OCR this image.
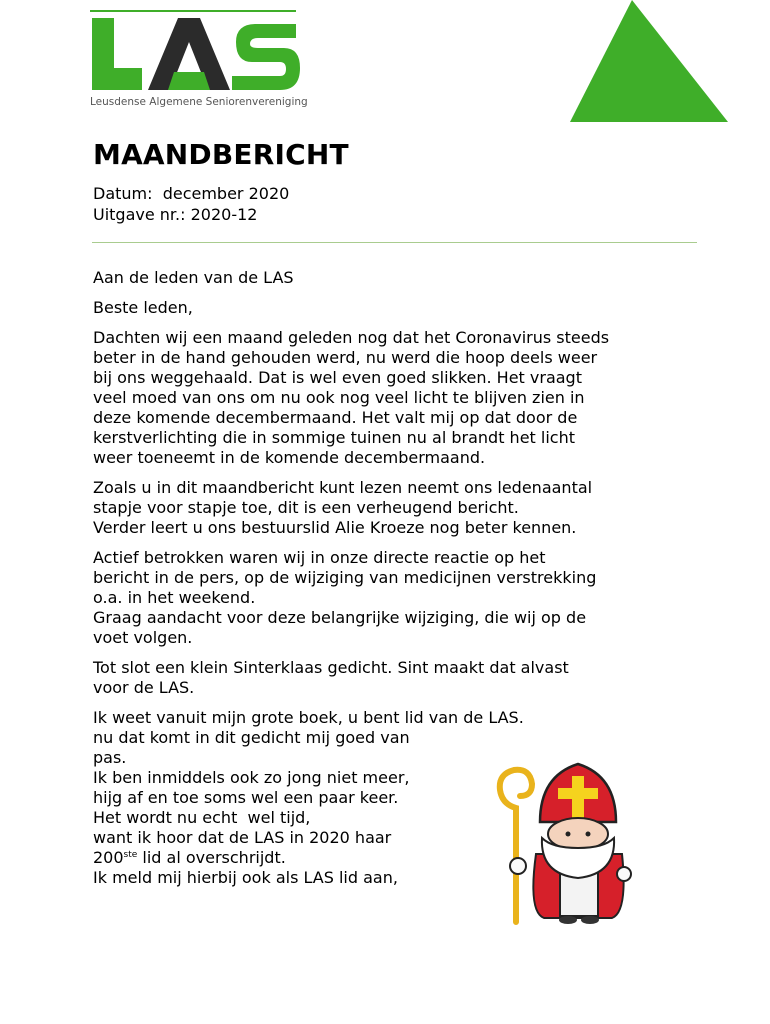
Leusdense Algemene Seniorenvereniging
MAANDBERICHT
Datum:  december 2020
Uitgave nr.: 2020-12

Aan de leden van de LAS

Beste leden,

Dachten wij een maand geleden nog dat het Coronavirus steeds
beter in de hand gehouden werd, nu werd die hoop deels weer
bij ons weggehaald. Dat is wel even goed slikken. Het vraagt
veel moed van ons om nu ook nog veel licht te blijven zien in
deze komende decembermaand. Het valt mij op dat door de
kerstverlichting die in sommige tuinen nu al brandt het licht
weer toeneemt in de komende decembermaand.

Zoals u in dit maandbericht kunt lezen neemt ons ledenaantal
stapje voor stapje toe, dit is een verheugend bericht.
Verder leert u ons bestuurslid Alie Kroeze nog beter kennen.

Actief betrokken waren wij in onze directe reactie op het
bericht in de pers, op de wijziging van medicijnen verstrekking
o.a. in het weekend.
Graag aandacht voor deze belangrijke wijziging, die wij op de
voet volgen.

Tot slot een klein Sinterklaas gedicht. Sint maakt dat alvast
voor de LAS.

Ik weet vanuit mijn grote boek, u bent lid van de LAS.
nu dat komt in dit gedicht mij goed van
pas.
Ik ben inmiddels ook zo jong niet meer,
hijg af en toe soms wel een paar keer.
Het wordt nu echt  wel tijd,
want ik hoor dat de LAS in 2020 haar
200ste lid al overschrijdt.
Ik meld mij hierbij ook als LAS lid aan,
